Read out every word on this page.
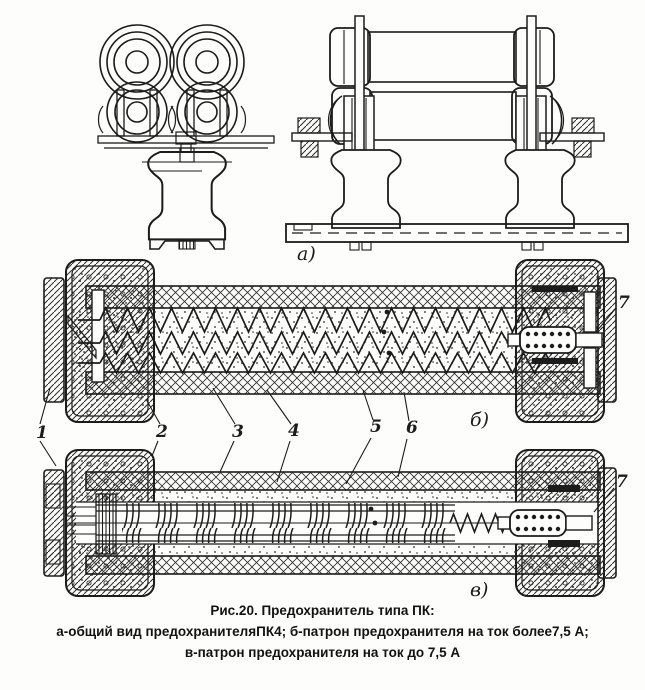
а)
б)
в)
1	2	3	4	5 6
7
7
Рис.20. Предохранитель типа ПК:
а-общий вид предохранителяПК4; б-патрон предохранителя на ток более7,5 А;
в-патрон предохранителя на ток до 7,5 А
